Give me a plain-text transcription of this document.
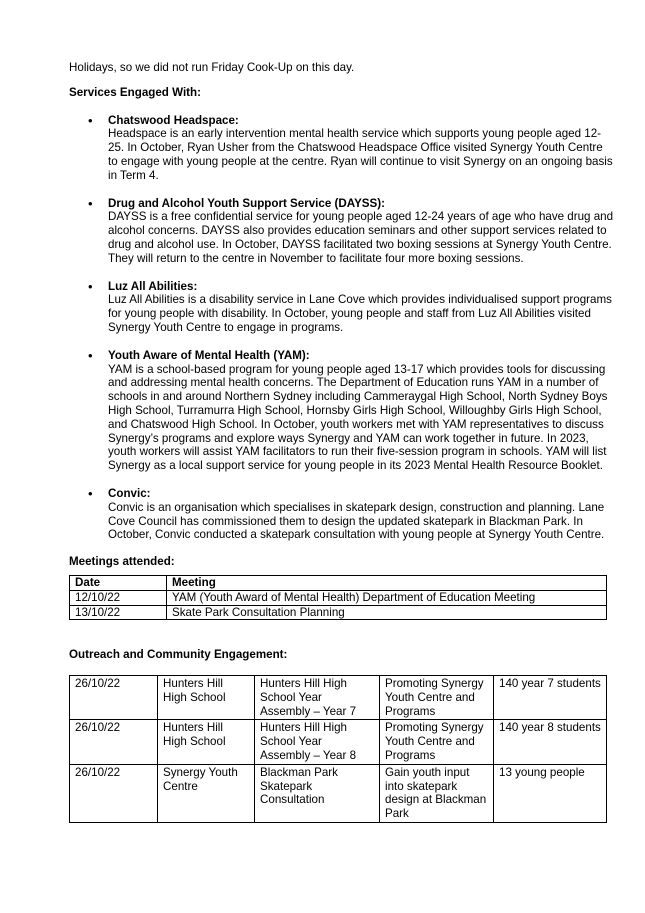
Holidays, so we did not run Friday Cook-Up on this day.

Services Engaged With:

• Chatswood Headspace:
Headspace is an early intervention mental health service which supports young people aged 12-25. In October, Ryan Usher from the Chatswood Headspace Office visited Synergy Youth Centre to engage with young people at the centre. Ryan will continue to visit Synergy on an ongoing basis in Term 4.
• Drug and Alcohol Youth Support Service (DAYSS):
DAYSS is a free confidential service for young people aged 12-24 years of age who have drug and alcohol concerns. DAYSS also provides education seminars and other support services related to drug and alcohol use. In October, DAYSS facilitated two boxing sessions at Synergy Youth Centre. They will return to the centre in November to facilitate four more boxing sessions.
• Luz All Abilities:
Luz All Abilities is a disability service in Lane Cove which provides individualised support programs for young people with disability. In October, young people and staff from Luz All Abilities visited Synergy Youth Centre to engage in programs.
• Youth Aware of Mental Health (YAM):
YAM is a school-based program for young people aged 13-17 which provides tools for discussing and addressing mental health concerns. The Department of Education runs YAM in a number of schools in and around Northern Sydney including Cammeraygal High School, North Sydney Boys High School, Turramurra High School, Hornsby Girls High School, Willoughby Girls High School, and Chatswood High School. In October, youth workers met with YAM representatives to discuss Synergy’s programs and explore ways Synergy and YAM can work together in future. In 2023, youth workers will assist YAM facilitators to run their five-session program in schools. YAM will list Synergy as a local support service for young people in its 2023 Mental Health Resource Booklet.
• Convic:
Convic is an organisation which specialises in skatepark design, construction and planning. Lane Cove Council has commissioned them to design the updated skatepark in Blackman Park. In October, Convic conducted a skatepark consultation with young people at Synergy Youth Centre.

Meetings attended:

Date	Meeting
12/10/22	YAM (Youth Award of Mental Health) Department of Education Meeting
13/10/22	Skate Park Consultation Planning

Outreach and Community Engagement:

26/10/22	Hunters Hill High School	Hunters Hill High School Year Assembly – Year 7	Promoting Synergy Youth Centre and Programs	140 year 7 students
26/10/22	Hunters Hill High School	Hunters Hill High School Year Assembly – Year 8	Promoting Synergy Youth Centre and Programs	140 year 8 students
26/10/22	Synergy Youth Centre	Blackman Park Skatepark Consultation	Gain youth input into skatepark design at Blackman Park	13 young people
